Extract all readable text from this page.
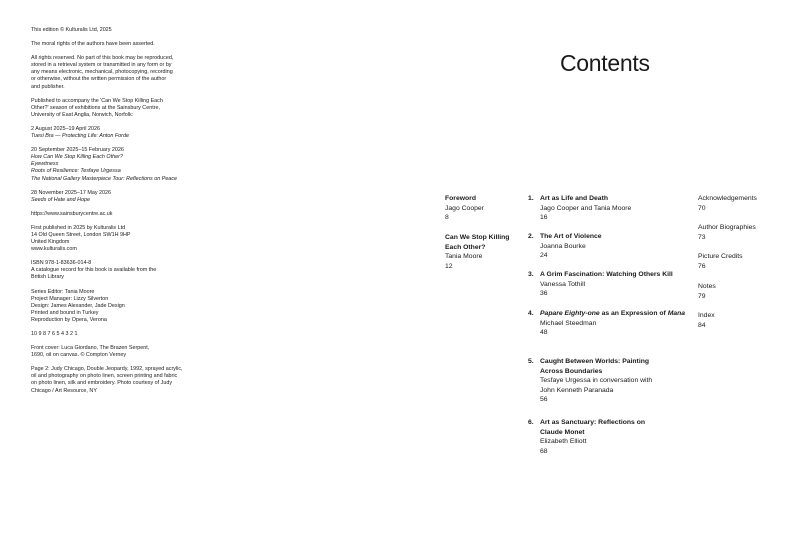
This edition © Kulturalis Ltd, 2025

The moral rights of the authors have been asserted.

All rights reserved. No part of this book may be reproduced,
stored in a retrieval system or transmitted in any form or by
any means electronic, mechanical, photocopying, recording
or otherwise, without the written permission of the author
and publisher.

Published to accompany the 'Can We Stop Killing Each
Other?' season of exhibitions at the Sainsbury Centre,
University of East Anglia, Norwich, Norfolk:

2 August 2025–19 April 2026
Tuesi Bra — Protecting Life: Anton Forde

20 September 2025–15 February 2026
How Can We Stop Killing Each Other?
Eyewitness
Roots of Resilience: Tesfaye Urgessa
The National Gallery Masterpiece Tour: Reflections on Peace

28 November 2025–17 May 2026
Seeds of Hate and Hope

https://www.sainsburycentre.ac.uk

First published in 2025 by Kulturalis Ltd
14 Old Queen Street, London SW1H 9HP
United Kingdom
www.kulturalis.com

ISBN 978-1-83636-014-8
A catalogue record for this book is available from the
British Library

Series Editor: Tania Moore
Project Manager: Lizzy Silverton
Design: James Alexander, Jade Design
Printed and bound in Turkey
Reproduction by Opera, Verona

10 9 8 7 6 5 4 3 2 1

Front cover: Luca Giordano, The Brazen Serpent,
1690, oil on canvas. © Compton Verney

Page 2: Judy Chicago, Double Jeopardy, 1992, sprayed acrylic,
oil and photography on photo linen, screen printing and fabric
on photo linen, silk and embroidery. Photo courtesy of Judy
Chicago / Art Resource, NY

Contents
Foreword
Jago Cooper
8
Can We Stop Killing Each Other?
Tania Moore
12
1. Art as Life and Death
Jago Cooper and Tania Moore
16
2. The Art of Violence
Joanna Bourke
24
3. A Grim Fascination: Watching Others Kill
Vanessa Tothill
36
4. Papare Eighty-one as an Expression of Mana
Michael Steedman
48
5. Caught Between Worlds: Painting Across Boundaries
Tesfaye Urgessa in conversation with John Kenneth Paranada
56
6. Art as Sanctuary: Reflections on Claude Monet
Elizabeth Elliott
68
Acknowledgements
70
Author Biographies
73
Picture Credits
76
Notes
79
Index
84
